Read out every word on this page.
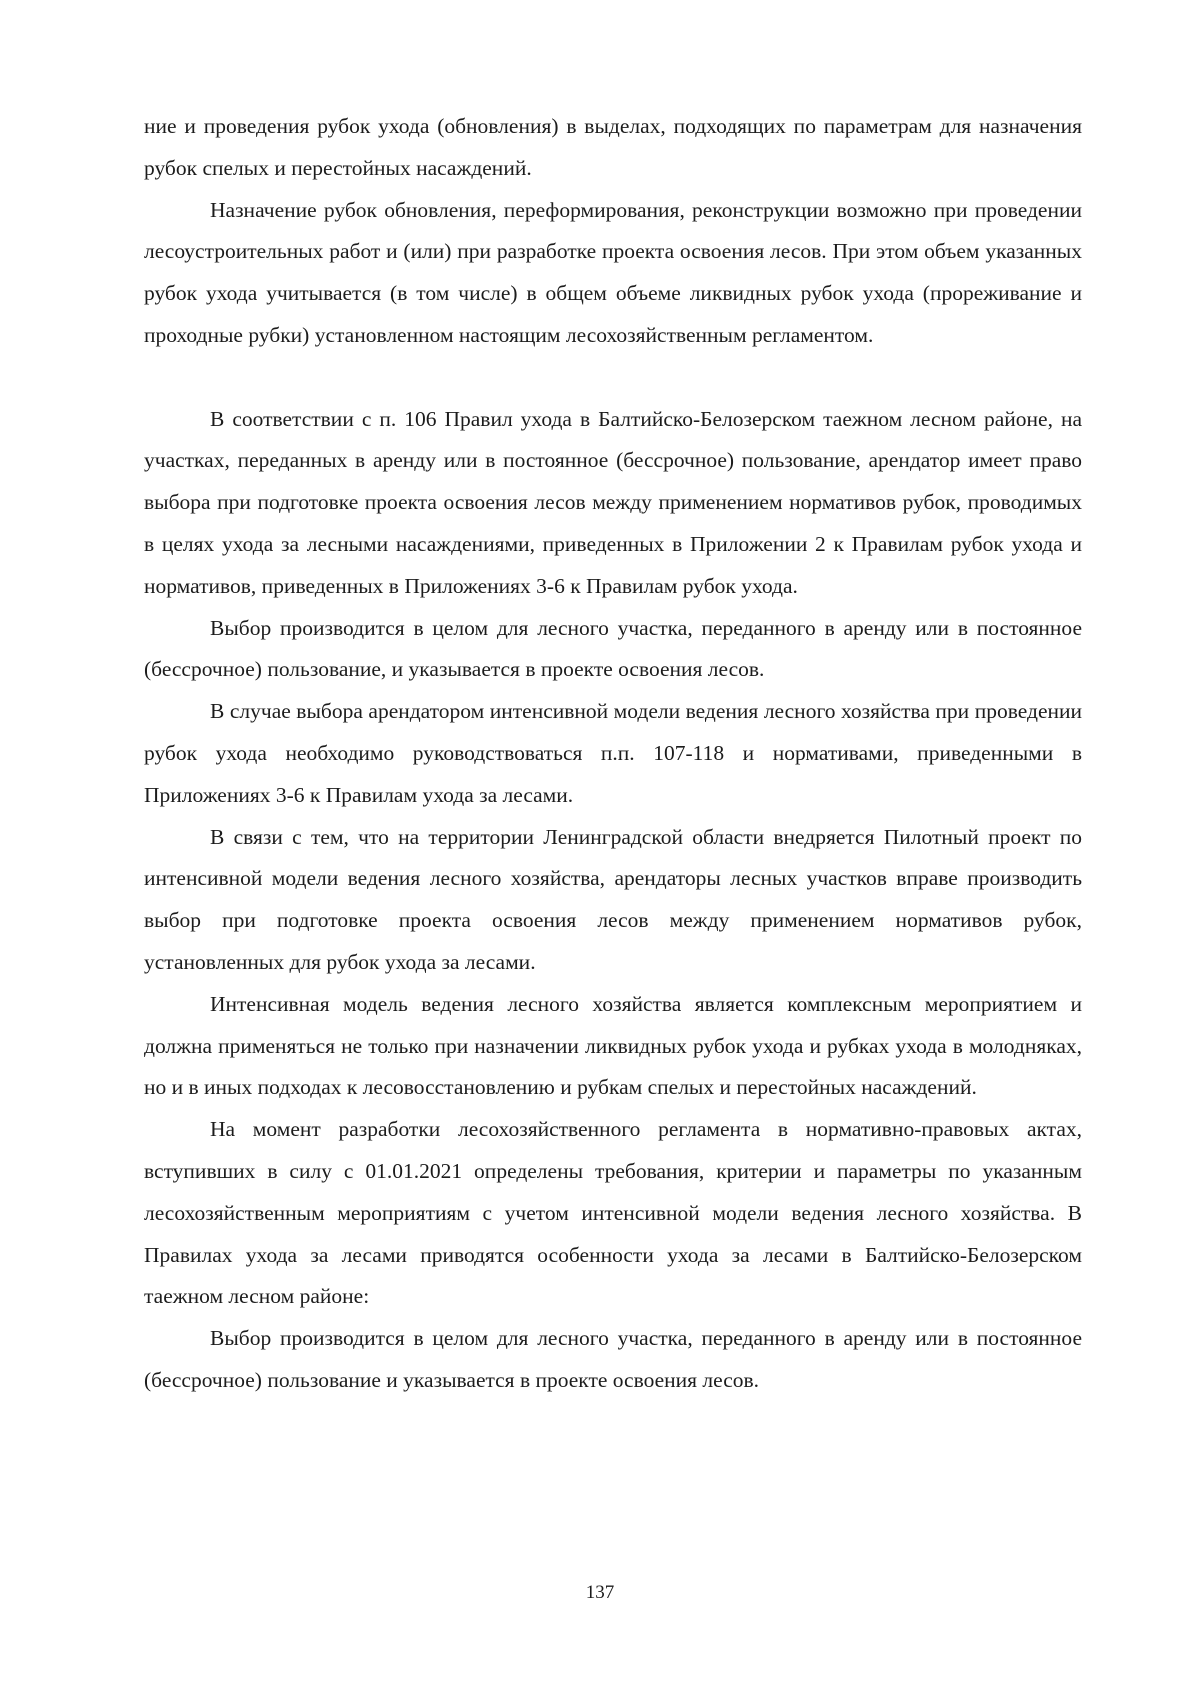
ние и проведения рубок ухода (обновления) в выделах, подходящих по параметрам для назначения рубок спелых и перестойных насаждений.

Назначение рубок обновления, переформирования, реконструкции возможно при проведении лесоустроительных работ и (или) при разработке проекта освоения лесов. При этом объем указанных рубок ухода учитывается (в том числе) в общем объеме ликвидных рубок ухода (прореживание и проходные рубки) установленном настоящим лесохозяйственным регламентом.

В соответствии с п. 106 Правил ухода в Балтийско-Белозерском таежном лесном районе, на участках, переданных в аренду или в постоянное (бессрочное) пользование, арендатор имеет право выбора при подготовке проекта освоения лесов между применением нормативов рубок, проводимых в целях ухода за лесными насаждениями, приведенных в Приложении 2 к Правилам рубок ухода и нормативов, приведенных в Приложениях 3-6 к Правилам рубок ухода.

Выбор производится в целом для лесного участка, переданного в аренду или в постоянное (бессрочное) пользование, и указывается в проекте освоения лесов.

В случае выбора арендатором интенсивной модели ведения лесного хозяйства при проведении рубок ухода необходимо руководствоваться п.п. 107-118 и нормативами, приведенными в Приложениях 3-6 к Правилам ухода за лесами.

В связи с тем, что на территории Ленинградской области внедряется Пилотный проект по интенсивной модели ведения лесного хозяйства, арендаторы лесных участков вправе производить выбор при подготовке проекта освоения лесов между применением нормативов рубок, установленных для рубок ухода за лесами.

Интенсивная модель ведения лесного хозяйства является комплексным мероприятием и должна применяться не только при назначении ликвидных рубок ухода и рубках ухода в молодняках, но и в иных подходах к лесовосстановлению и рубкам спелых и перестойных насаждений.

На момент разработки лесохозяйственного регламента в нормативно-правовых актах, вступивших в силу с 01.01.2021 определены требования, критерии и параметры по указанным лесохозяйственным мероприятиям с учетом интенсивной модели ведения лесного хозяйства. В Правилах ухода за лесами приводятся особенности ухода за лесами в Балтийско-Белозерском таежном лесном районе:

Выбор производится в целом для лесного участка, переданного в аренду или в постоянное (бессрочное) пользование и указывается в проекте освоения лесов.

137
